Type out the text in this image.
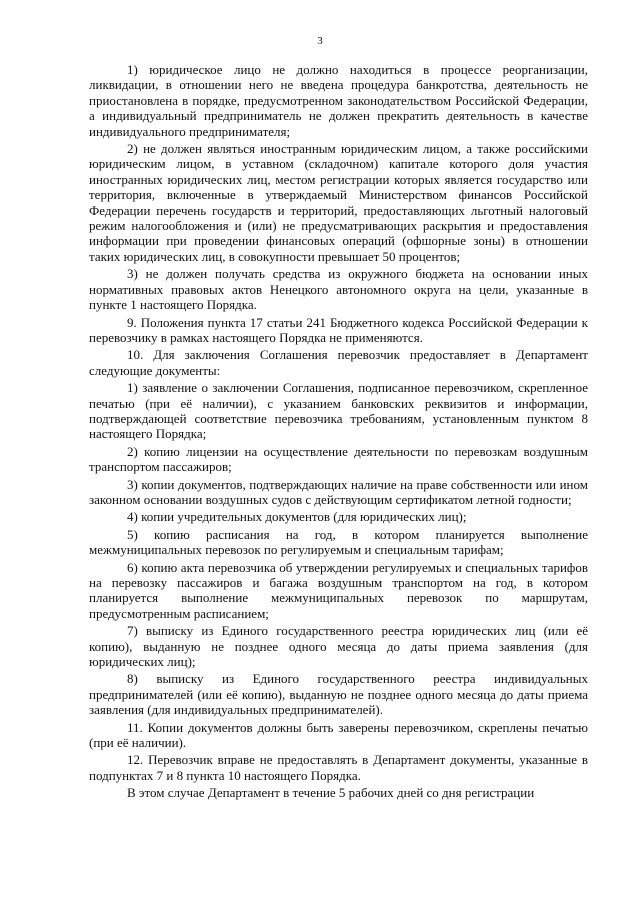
3

1) юридическое лицо не должно находиться в процессе реорганизации, ликвидации, в отношении него не введена процедура банкротства, деятельность не приостановлена в порядке, предусмотренном законодательством Российской Федерации, а индивидуальный предприниматель не должен прекратить деятельность в качестве индивидуального предпринимателя;

2) не должен являться иностранным юридическим лицом, а также российскими юридическим лицом, в уставном (складочном) капитале которого доля участия иностранных юридических лиц, местом регистрации которых является государство или территория, включенные в утверждаемый Министерством финансов Российской Федерации перечень государств и территорий, предоставляющих льготный налоговый режим налогообложения и (или) не предусматривающих раскрытия и предоставления информации при проведении финансовых операций (офшорные зоны) в отношении таких юридических лиц, в совокупности превышает 50 процентов;

3) не должен получать средства из окружного бюджета на основании иных нормативных правовых актов Ненецкого автономного округа на цели, указанные в пункте 1 настоящего Порядка.

9. Положения пункта 17 статьи 241 Бюджетного кодекса Российской Федерации к перевозчику в рамках настоящего Порядка не применяются.

10. Для заключения Соглашения перевозчик предоставляет в Департамент следующие документы:

1) заявление о заключении Соглашения, подписанное перевозчиком, скрепленное печатью (при её наличии), с указанием банковских реквизитов и информации, подтверждающей соответствие перевозчика требованиям, установленным пунктом 8 настоящего Порядка;

2) копию лицензии на осуществление деятельности по перевозкам воздушным транспортом пассажиров;

3) копии документов, подтверждающих наличие на праве собственности или ином законном основании воздушных судов с действующим сертификатом летной годности;

4) копии учредительных документов (для юридических лиц);

5) копию расписания на год, в котором планируется выполнение межмуниципальных перевозок по регулируемым и специальным тарифам;

6) копию акта перевозчика об утверждении регулируемых и специальных тарифов на перевозку пассажиров и багажа воздушным транспортом на год, в котором планируется выполнение межмуниципальных перевозок по маршрутам, предусмотренным расписанием;

7) выписку из Единого государственного реестра юридических лиц (или её копию), выданную не позднее одного месяца до даты приема заявления (для юридических лиц);

8) выписку из Единого государственного реестра индивидуальных предпринимателей (или её копию), выданную не позднее одного месяца до даты приема заявления (для индивидуальных предпринимателей).

11. Копии документов должны быть заверены перевозчиком, скреплены печатью (при её наличии).

12. Перевозчик вправе не предоставлять в Департамент документы, указанные в подпунктах 7 и 8 пункта 10 настоящего Порядка.

В этом случае Департамент в течение 5 рабочих дней со дня регистрации
